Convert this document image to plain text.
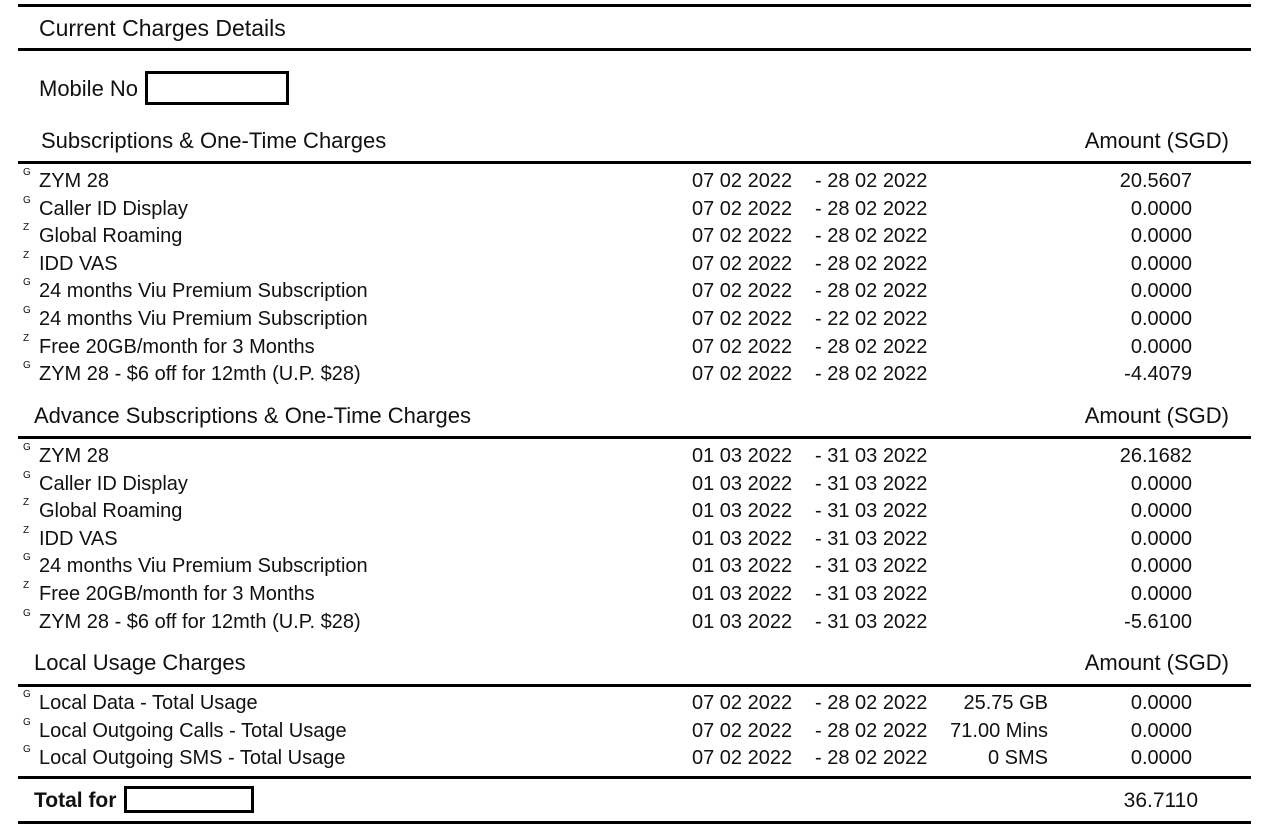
Current Charges Details
Mobile No
Subscriptions & One-Time Charges	Amount (SGD)
G ZYM 28	07 02 2022 - 28 02 2022	20.5607
G Caller ID Display	07 02 2022 - 28 02 2022	0.0000
Z Global Roaming	07 02 2022 - 28 02 2022	0.0000
Z IDD VAS	07 02 2022 - 28 02 2022	0.0000
G 24 months Viu Premium Subscription	07 02 2022 - 28 02 2022	0.0000
G 24 months Viu Premium Subscription	07 02 2022 - 22 02 2022	0.0000
Z Free 20GB/month for 3 Months	07 02 2022 - 28 02 2022	0.0000
G ZYM 28 - $6 off for 12mth (U.P. $28)	07 02 2022 - 28 02 2022	-4.4079
Advance Subscriptions & One-Time Charges	Amount (SGD)
G ZYM 28	01 03 2022 - 31 03 2022	26.1682
G Caller ID Display	01 03 2022 - 31 03 2022	0.0000
Z Global Roaming	01 03 2022 - 31 03 2022	0.0000
Z IDD VAS	01 03 2022 - 31 03 2022	0.0000
G 24 months Viu Premium Subscription	01 03 2022 - 31 03 2022	0.0000
Z Free 20GB/month for 3 Months	01 03 2022 - 31 03 2022	0.0000
G ZYM 28 - $6 off for 12mth (U.P. $28)	01 03 2022 - 31 03 2022	-5.6100
Local Usage Charges	Amount (SGD)
G Local Data - Total Usage	07 02 2022 - 28 02 2022	25.75 GB	0.0000
G Local Outgoing Calls - Total Usage	07 02 2022 - 28 02 2022	71.00 Mins	0.0000
G Local Outgoing SMS - Total Usage	07 02 2022 - 28 02 2022	0 SMS	0.0000
Total for	36.7110
